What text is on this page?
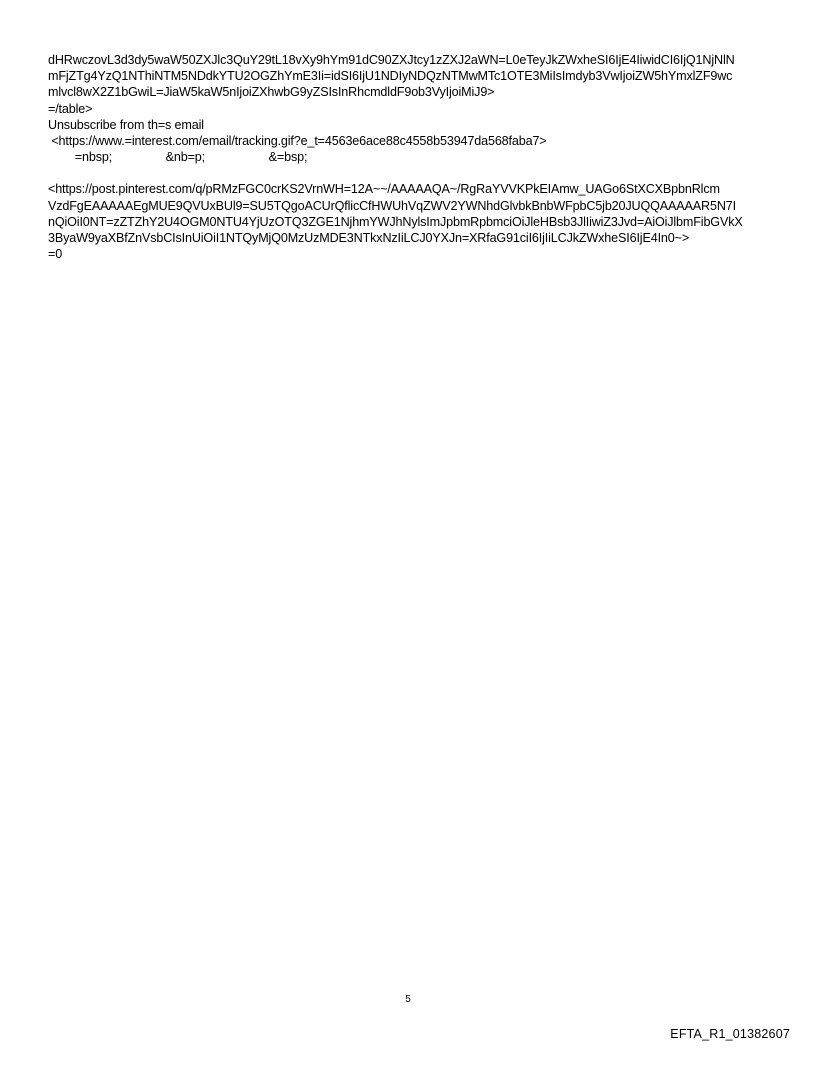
dHRwczovL3d3dy5waW50ZXJlc3QuY29tL18vXy9hYm91dC90ZXJtcy1zZXJ2aWN=L0eTeyJkZWxheSI6IjE4IiwidCI6IjQ1NjNlN
mFjZTg4YzQ1NThiNTM5NDdkYTU2OGZhYmE3Ii=idSI6IjU1NDIyNDQzNTMwMTc1OTE3MiIsImdyb3VwIjoiZW5hYmxlZF9wc
mlvcl8wX2Z1bGwiL=JiaW5kaW5nIjoiZXhwbG9yZSIsInRhcmdldF9ob3VyIjoiMiJ9>
=/table>
Unsubscribe from th=s email
<https://www.=interest.com/email/tracking.gif?e_t=4563e6ace88c4558b53947da568faba7>
=nbsp;                &nb=p;                   &=bsp;
<https://post.pinterest.com/q/pRMzFGC0crKS2VrnWH=12A~~/AAAAAQA~/RgRaYVVKPkEIAmw_UAGo6StXCXBpbnRlcm
VzdFgEAAAAAEgMUE9QVUxBUl9=SU5TQgoACUrQflicCfHWUhVqZWV2YWNhdGlvbkBnbWFpbC5jb20JUQQAAAAAR5N7I
nQiOiI0NT=zZTZhY2U4OGM0NTU4YjUzOTQ3ZGE1NjhmYWJhNylsImJpbmRpbmciOiJleHBsb3JlIiwiZ3Jvd=AiOiJlbmFibGVkX
3ByaW9yaXBfZnVsbCIsInUiOiI1NTQyMjQ0MzUzMDE3NTkxNzIiLCJ0YXJn=XRfaG91ciI6IjIiLCJkZWxheSI6IjE4In0~>
=0
5
EFTA_R1_01382607
